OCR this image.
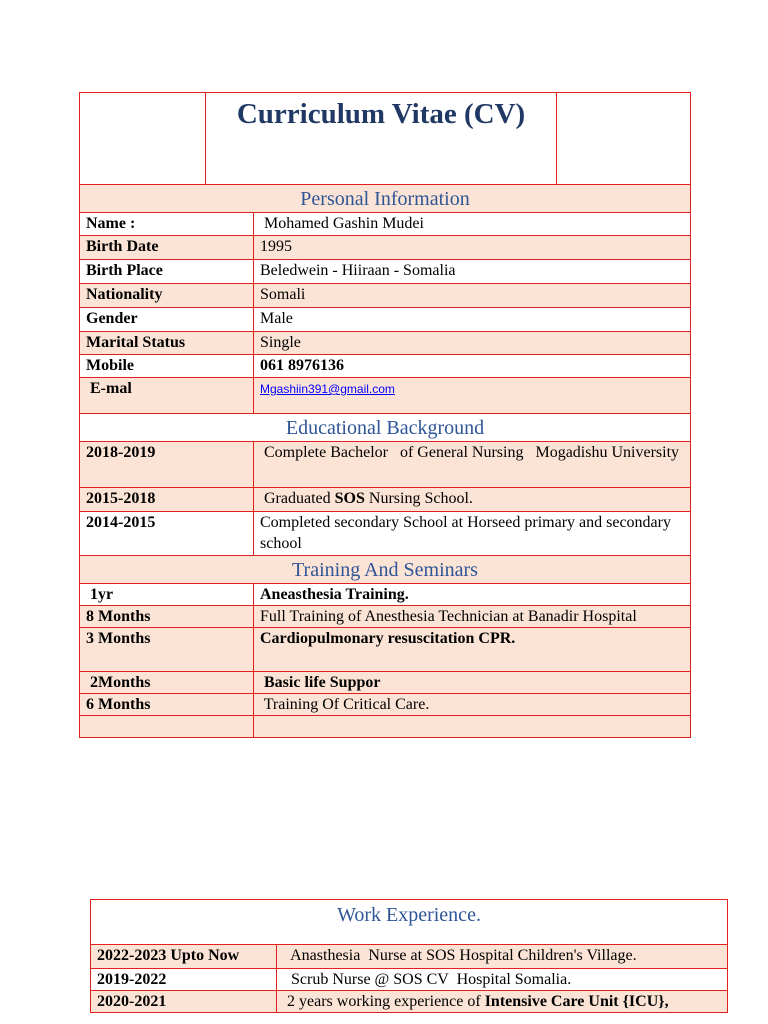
	Curriculum Vitae (CV)	
Personal Information	
Name :	Mohamed Gashin Mudei
Birth Date	1995
Birth Place	Beledwein - Hiiraan - Somalia
Nationality	Somali
Gender	Male
Marital Status	Single
Mobile	061 8976136
E-mal	Mgashiin391@gmail.com
Educational Background	
2018-2019	Complete Bachelor   of General Nursing   Mogadishu University
2015-2018	Graduated SOS Nursing School.
2014-2015	Completed secondary School at Horseed primary and secondary school
Training And Seminars	
1yr	Aneasthesia Training.
8 Months	Full Training of Anesthesia Technician at Banadir Hospital
3 Months	Cardiopulmonary resuscitation CPR.
2Months	Basic life Suppor
6 Months	Training Of Critical Care.

Work Experience.	
2022-2023 Upto Now	Anasthesia  Nurse at SOS Hospital Children's Village.
2019-2022	Scrub Nurse @ SOS CV  Hospital Somalia.
2020-2021	2 years working experience of Intensive Care Unit {ICU},
